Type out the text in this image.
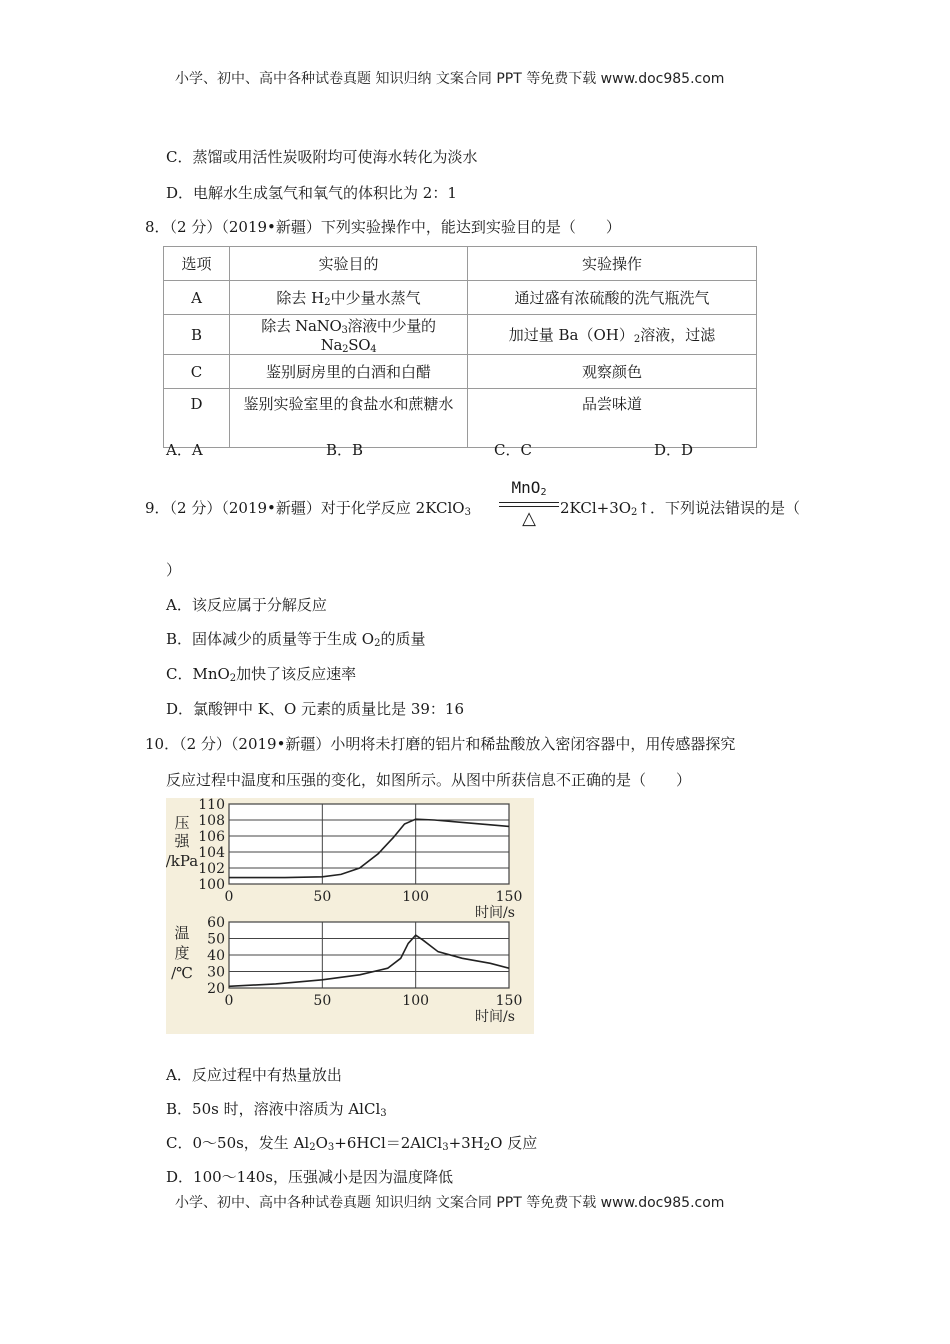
小学、初中、高中各种试卷真题 知识归纳 文案合同 PPT 等免费下载 www.doc985.com
C．蒸馏或用活性炭吸附均可使海水转化为淡水
D．电解水生成氢气和氧气的体积比为 2：1
8．（2 分）（2019•新疆）下列实验操作中，能达到实验目的是（　　）
选项	实验目的	实验操作
A	除去 $H_2$中少量水蒸气	通过盛有浓硫酸的洗气瓶洗气
B	除去 NaNO$_3$溶液中少量的 $Na_2SO_4$	加过量 $Ba(OH)_2$溶液，过滤
C	鉴别厨房里的白酒和白醋	观察颜色
D	鉴别实验室里的食盐水和蔗糖水	品尝味道
A．A	B．B	C．C	D．D
9．（2 分）（2019•新疆）对于化学反应 2KClO$_3$
MnO$_2$
△	$2KCl+3O_2↑$．下列说法错误的是（
）
A．该反应属于分解反应
B．固体减少的质量等于生成 $O_2$的质量
C．MnO$_2$加快了该反应速率
D．氯酸钾中 K、O 元素的质量比是 39：16
10．（2 分）（2019•新疆）小明将未打磨的铝片和稀盐酸放入密闭容器中，用传感器探究
反应过程中温度和压强的变化，如图所示。从图中所获信息不正确的是（　　）
100
102
104
106
108
110
0	50	100	150
压
强
/kPa
时间/s
20
30
40
50
60
0	50	100	150
温
度
/℃
时间/s
A．反应过程中有热量放出
B．50s 时，溶液中溶质为 AlCl$_3$
C．0～50s，发生 $Al_2O_3+6HCl=2AlCl_3+3H_2O$ 反应
D．100～140s，压强减小是因为温度降低
小学、初中、高中各种试卷真题 知识归纳 文案合同 PPT 等免费下载 www.doc985.com
